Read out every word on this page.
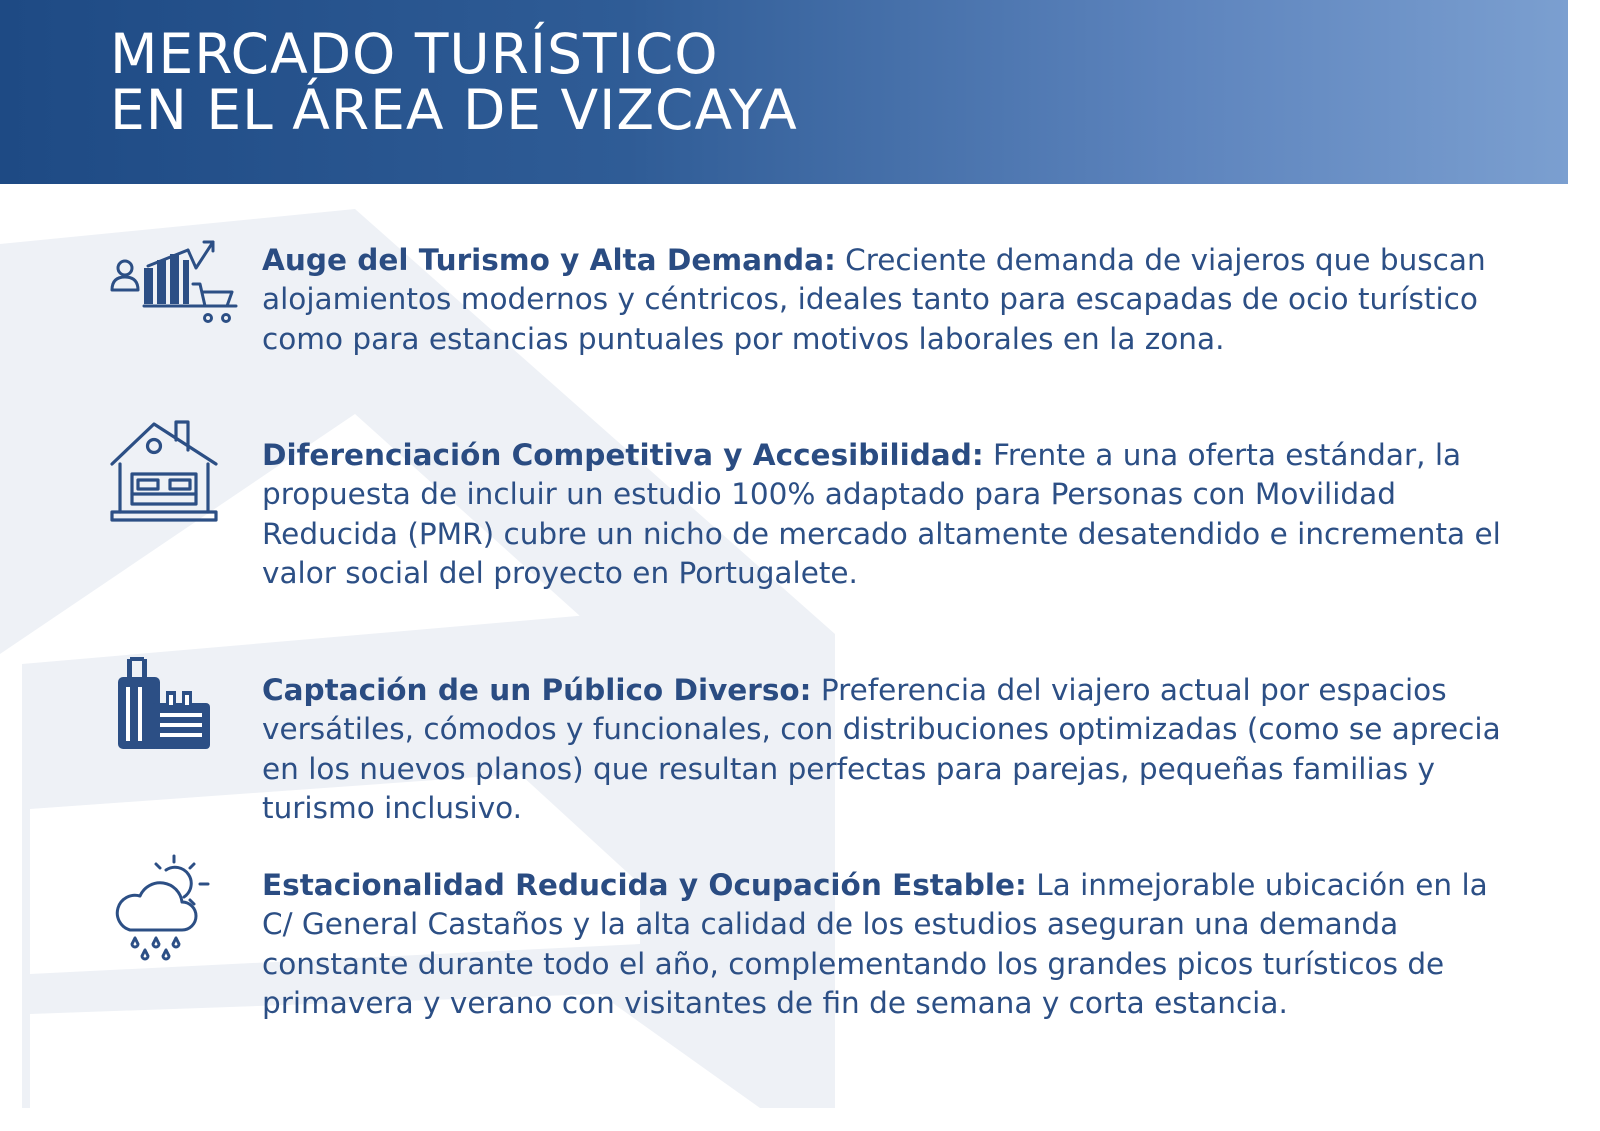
MERCADO TURÍSTICO
EN EL ÁREA DE VIZCAYA

Auge del Turismo y Alta Demanda: Creciente demanda de viajeros que buscan alojamientos modernos y céntricos, ideales tanto para escapadas de ocio turístico como para estancias puntuales por motivos laborales en la zona.

Diferenciación Competitiva y Accesibilidad: Frente a una oferta estándar, la propuesta de incluir un estudio 100% adaptado para Personas con Movilidad Reducida (PMR) cubre un nicho de mercado altamente desatendido e incrementa el valor social del proyecto en Portugalete.

Captación de un Público Diverso: Preferencia del viajero actual por espacios versátiles, cómodos y funcionales, con distribuciones optimizadas (como se aprecia en los nuevos planos) que resultan perfectas para parejas, pequeñas familias y turismo inclusivo.

Estacionalidad Reducida y Ocupación Estable: La inmejorable ubicación en la C/ General Castaños y la alta calidad de los estudios aseguran una demanda constante durante todo el año, complementando los grandes picos turísticos de primavera y verano con visitantes de fin de semana y corta estancia.
